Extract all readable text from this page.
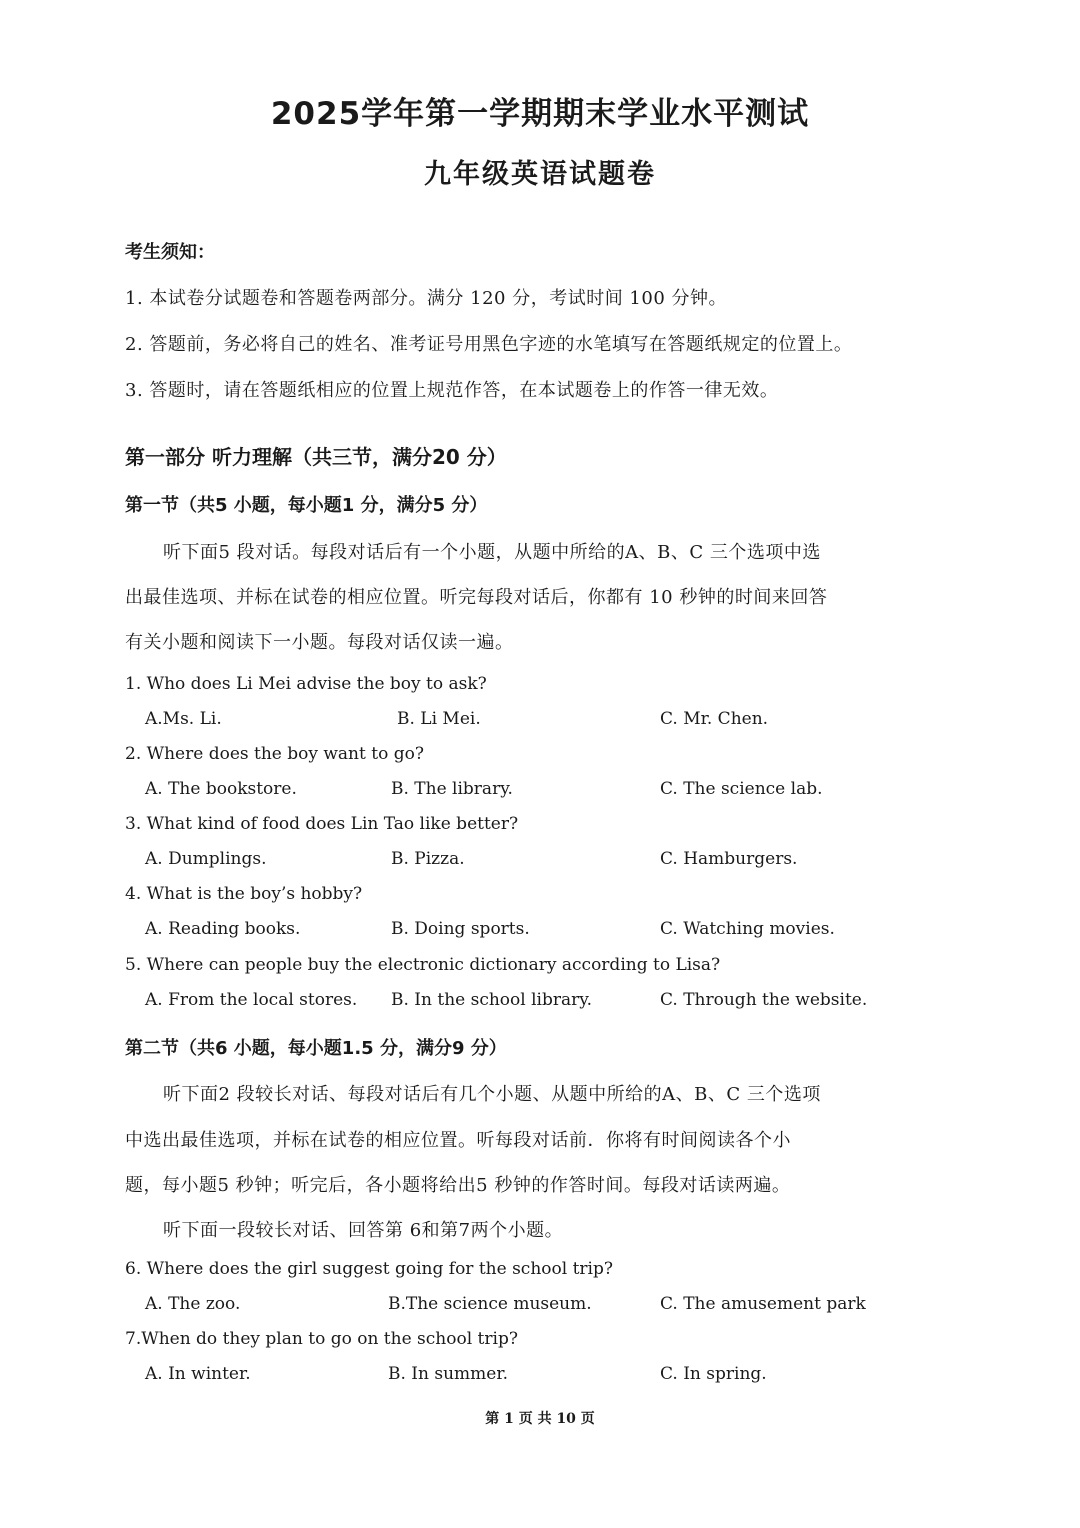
2025学年第一学期期末学业水平测试
九年级英语试题卷
考生须知：
1. 本试卷分试题卷和答题卷两部分。满分 120 分，考试时间 100 分钟。
2. 答题前，务必将自己的姓名、准考证号用黑色字迹的水笔填写在答题纸规定的位置上。
3. 答题时，请在答题纸相应的位置上规范作答，在本试题卷上的作答一律无效。
第一部分 听力理解（共三节，满分20 分）
第一节（共5 小题，每小题1 分，满分5 分）
听下面5 段对话。每段对话后有一个小题，从题中所给的A、B、C 三个选项中选
出最佳选项、并标在试卷的相应位置。听完每段对话后，你都有 10 秒钟的时间来回答
有关小题和阅读下一小题。每段对话仅读一遍。
1. Who does Li Mei advise the boy to ask?
A.Ms. Li.	B. Li Mei.	C. Mr. Chen.
2. Where does the boy want to go?
A. The bookstore.	B. The library.	C. The science lab.
3. What kind of food does Lin Tao like better?
A. Dumplings.	B. Pizza.	C. Hamburgers.
4. What is the boy’s hobby?
A. Reading books.	B. Doing sports.	C. Watching movies.
5. Where can people buy the electronic dictionary according to Lisa?
A. From the local stores. B. In the school library.	C. Through the website.
第二节（共6 小题，每小题1.5 分，满分9 分）
听下面2 段较长对话、每段对话后有几个小题、从题中所给的A、B、C 三个选项
中选出最佳选项，并标在试卷的相应位置。听每段对话前．你将有时间阅读各个小
题，每小题5 秒钟；听完后，各小题将给出5 秒钟的作答时间。每段对话读两遍。
听下面一段较长对话、回答第 6和第7两个小题。
6. Where does the girl suggest going for the school trip?
A. The zoo.	B.The science museum.	C. The amusement park
7.When do they plan to go on the school trip?
A. In winter.	B. In summer.	C. In spring.
第 1 页 共 10 页
